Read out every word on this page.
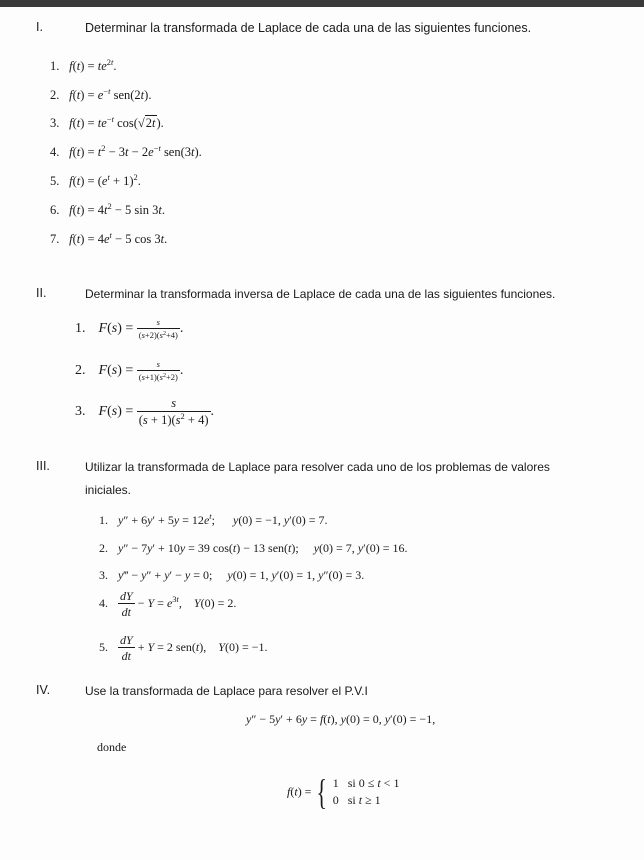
I.	Determinar la transformada de Laplace de cada una de las siguientes funciones.
1. $f(t) = te^{2t}$.
2. $f(t) = e^{-t}$ sen(2t).
3. $f(t) = te^{-t}$ cos(√2t).
4. $f(t) = t^2 - 3t - 2e^{-t}$ sen(3t).
5. $f(t) = (e^t + 1)^2$.
6. $f(t) = 4t^2 - 5$ sin 3t.
7. $f(t) = 4e^t - 5$ cos 3t.
II.	Determinar la transformada inversa de Laplace de cada una de las siguientes funciones.
1. $F(s) = \frac{s}{(s+2)(s^2+4)}$ .
2. $F(s) = \frac{s}{(s+1)(s^2+2)}$ .
3. $F(s) = \frac{s}{(s + 1)(s^2 + 4)}$ .
III.	Utilizar la transformada de Laplace para resolver cada uno de los problemas de valores
iniciales.
1. $y'' + 6y' + 5y = 12e^t$;      y(0) = −1, y′(0) = 7.
2. y″ − 7y′ + 10y = 39 cos(t) − 13 sen(t);     y(0) = 7, y′(0) = 16.
3. y‴ − y″ + y′ − y = 0;     y(0) = 1, y′(0) = 1, y″(0) = 3.
4. $\frac{dY}{dt} - Y = e^{3t}$,    Y(0) = 2.
5. $\frac{dY}{dt} + Y = 2$ sen(t),    Y(0) = −1.
IV.	Use la transformada de Laplace para resolver el P.V.I
y″ − 5y′ + 6y = f(t), y(0) = 0, y′(0) = −1,
donde
f(t) = { 1   si 0 ≤ t < 1
0   si t ≥ 1
